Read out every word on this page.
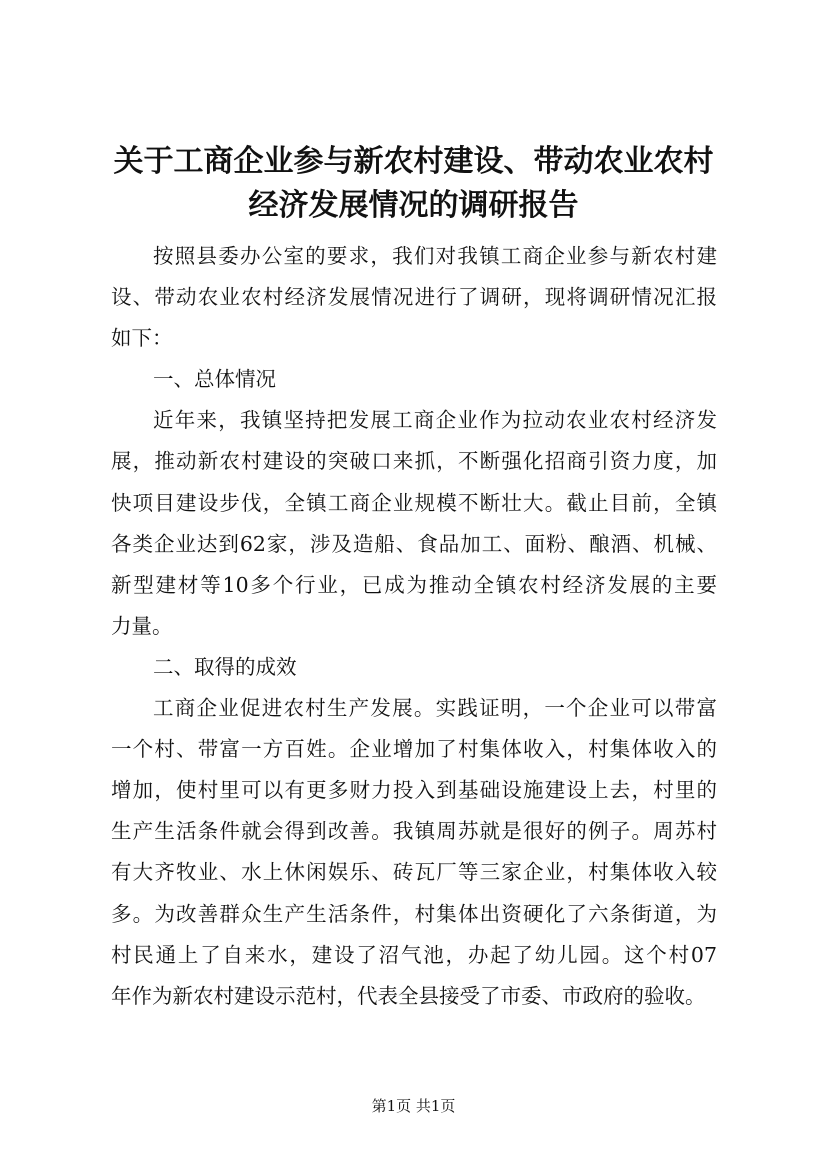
关于工商企业参与新农村建设、带动农业农村
经济发展情况的调研报告
按照县委办公室的要求，我们对我镇工商企业参与新农村建
设、带动农业农村经济发展情况进行了调研，现将调研情况汇报
如下：
一、总体情况
近年来，我镇坚持把发展工商企业作为拉动农业农村经济发
展，推动新农村建设的突破口来抓，不断强化招商引资力度，加
快项目建设步伐，全镇工商企业规模不断壮大。截止目前，全镇
各类企业达到62家，涉及造船、食品加工、面粉、酿酒、机械、
新型建材等10多个行业，已成为推动全镇农村经济发展的主要
力量。
二、取得的成效
工商企业促进农村生产发展。实践证明，一个企业可以带富
一个村、带富一方百姓。企业增加了村集体收入，村集体收入的
增加，使村里可以有更多财力投入到基础设施建设上去，村里的
生产生活条件就会得到改善。我镇周苏就是很好的例子。周苏村
有大齐牧业、水上休闲娱乐、砖瓦厂等三家企业，村集体收入较
多。为改善群众生产生活条件，村集体出资硬化了六条街道，为
村民通上了自来水，建设了沼气池，办起了幼儿园。这个村07
年作为新农村建设示范村，代表全县接受了市委、市政府的验收。
第1页 共1页
